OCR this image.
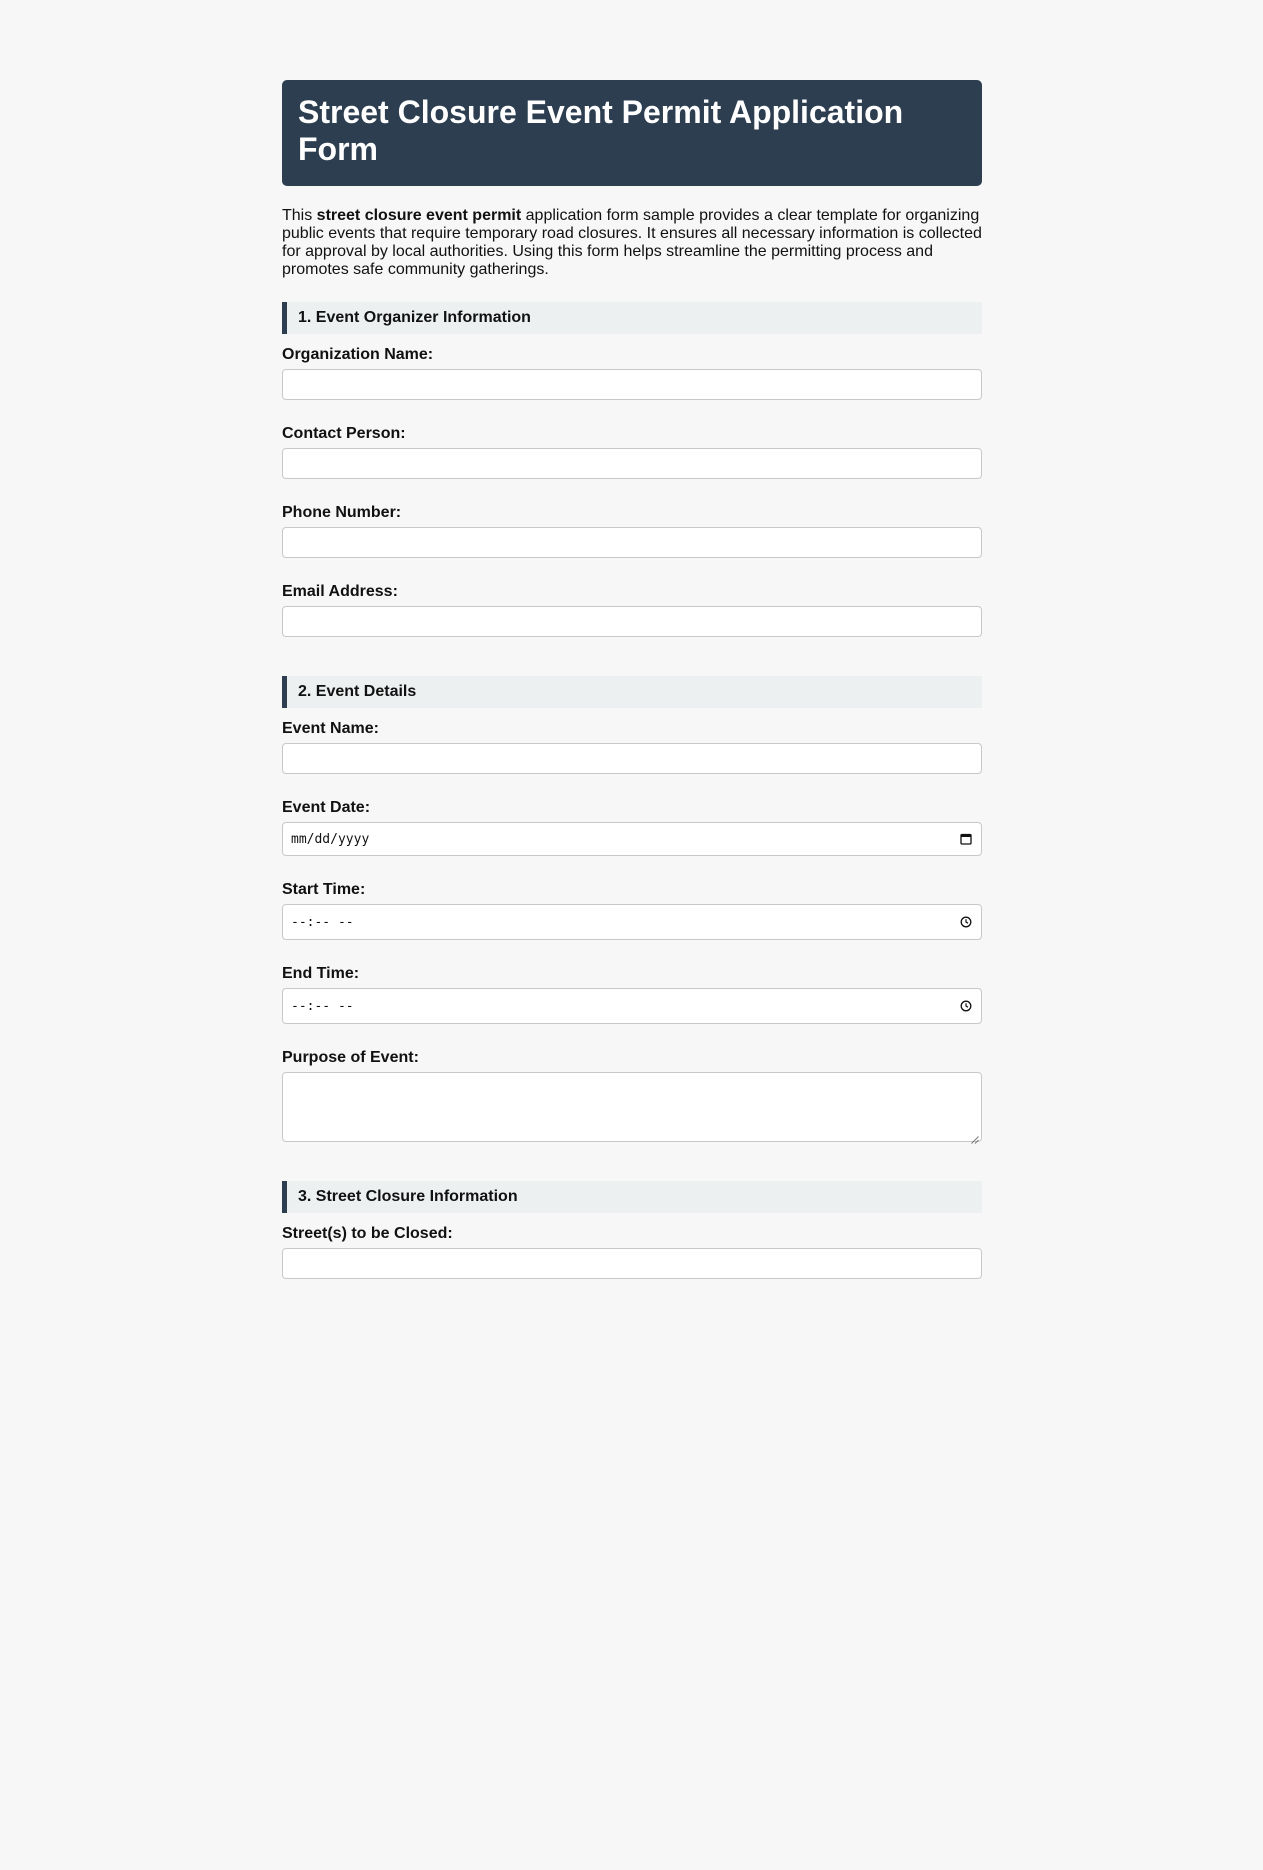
Street Closure Event Permit Application Form

This street closure event permit application form sample provides a clear template for organizing public events that require temporary road closures. It ensures all necessary information is collected for approval by local authorities. Using this form helps streamline the permitting process and promotes safe community gatherings.

1. Event Organizer Information
Organization Name:
Contact Person:
Phone Number:
Email Address:
2. Event Details
Event Name:
Event Date:
mm/dd/yyyy
Start Time:
--:-- --
End Time:
--:-- --
Purpose of Event:
3. Street Closure Information
Street(s) to be Closed:
